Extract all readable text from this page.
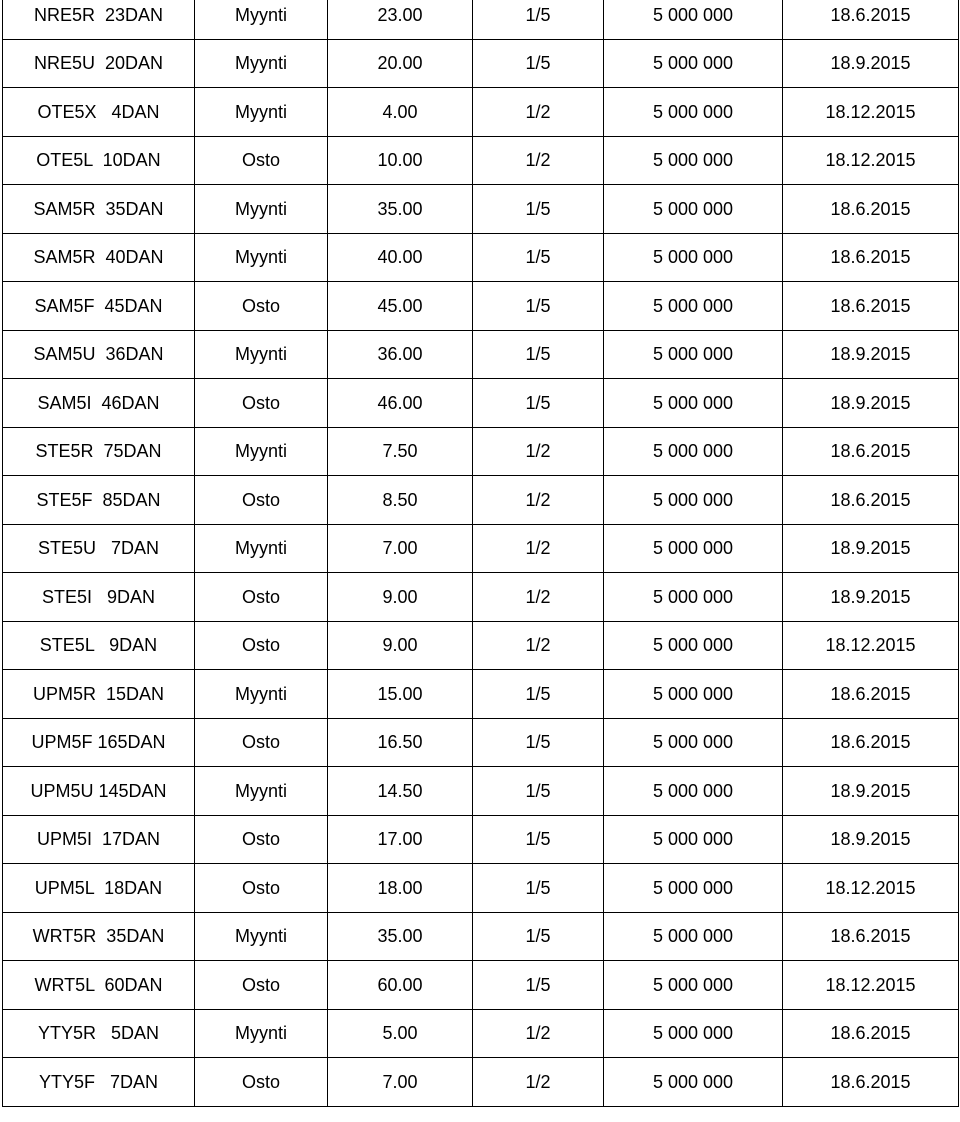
NRE5R  23DAN	Myynti	23.00	1/5	5 000 000	18.6.2015
NRE5U  20DAN	Myynti	20.00	1/5	5 000 000	18.9.2015
OTE5X   4DAN	Myynti	4.00	1/2	5 000 000	18.12.2015
OTE5L  10DAN	Osto	10.00	1/2	5 000 000	18.12.2015
SAM5R  35DAN	Myynti	35.00	1/5	5 000 000	18.6.2015
SAM5R  40DAN	Myynti	40.00	1/5	5 000 000	18.6.2015
SAM5F  45DAN	Osto	45.00	1/5	5 000 000	18.6.2015
SAM5U  36DAN	Myynti	36.00	1/5	5 000 000	18.9.2015
SAM5I  46DAN	Osto	46.00	1/5	5 000 000	18.9.2015
STE5R  75DAN	Myynti	7.50	1/2	5 000 000	18.6.2015
STE5F  85DAN	Osto	8.50	1/2	5 000 000	18.6.2015
STE5U   7DAN	Myynti	7.00	1/2	5 000 000	18.9.2015
STE5I   9DAN	Osto	9.00	1/2	5 000 000	18.9.2015
STE5L   9DAN	Osto	9.00	1/2	5 000 000	18.12.2015
UPM5R  15DAN	Myynti	15.00	1/5	5 000 000	18.6.2015
UPM5F 165DAN	Osto	16.50	1/5	5 000 000	18.6.2015
UPM5U 145DAN	Myynti	14.50	1/5	5 000 000	18.9.2015
UPM5I  17DAN	Osto	17.00	1/5	5 000 000	18.9.2015
UPM5L  18DAN	Osto	18.00	1/5	5 000 000	18.12.2015
WRT5R  35DAN	Myynti	35.00	1/5	5 000 000	18.6.2015
WRT5L  60DAN	Osto	60.00	1/5	5 000 000	18.12.2015
YTY5R   5DAN	Myynti	5.00	1/2	5 000 000	18.6.2015
YTY5F   7DAN	Osto	7.00	1/2	5 000 000	18.6.2015
